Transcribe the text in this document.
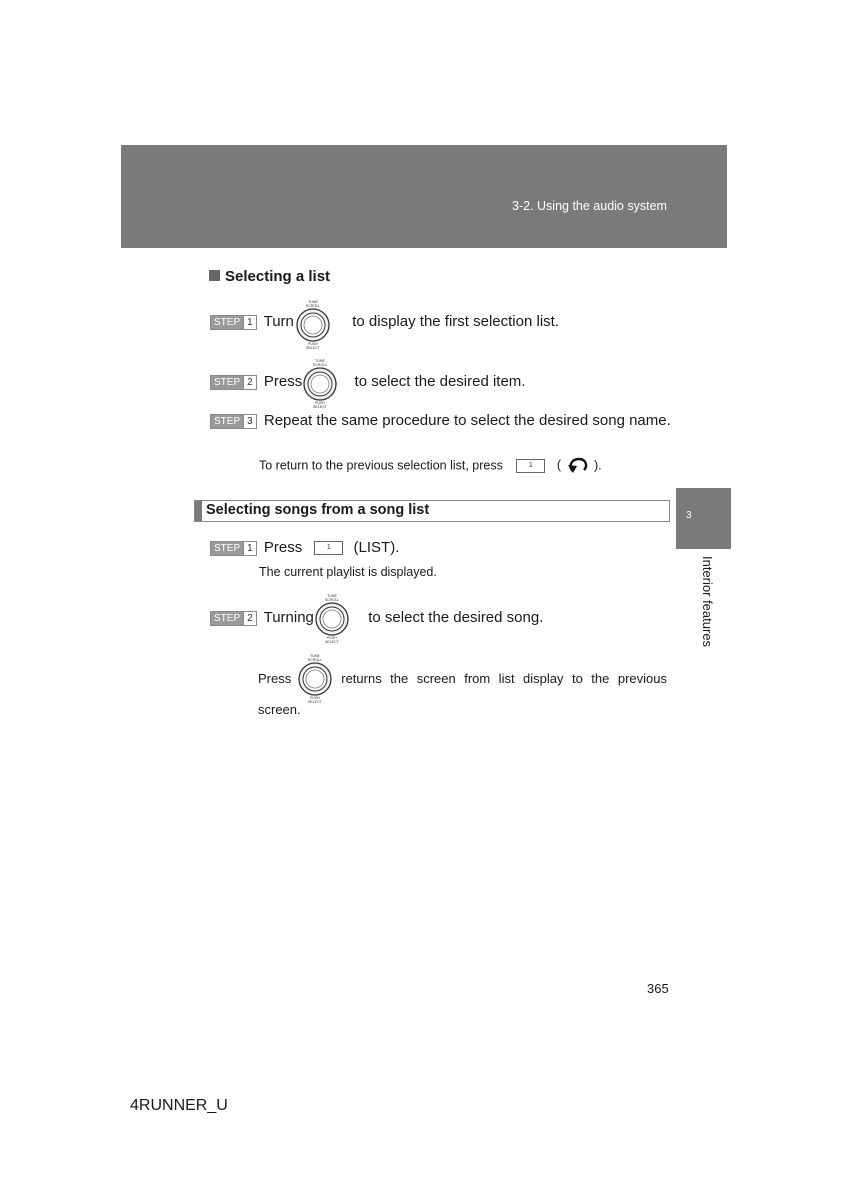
3-2. Using the audio system
3
Interior features
Selecting a list
STEP 1 Turn	to display the first selection list.
TUNE
SCROLL
PUSH
SELECT
STEP 2 Press	to select the desired item.
TUNE
SCROLL
PUSH
SELECT
STEP 3 Repeat the same procedure to select the desired song name.
To return to the previous selection list, press	1 (	).
Selecting songs from a song list
STEP 1 Press	1 (LIST).
The current playlist is displayed.
STEP 2 Turning	to select the desired song.
TUNE
SCROLL
PUSH
SELECT
Press	returns the screen from list display to the previous
screen.
TUNE
SCROLL
PUSH
SELECT
365
4RUNNER_U
